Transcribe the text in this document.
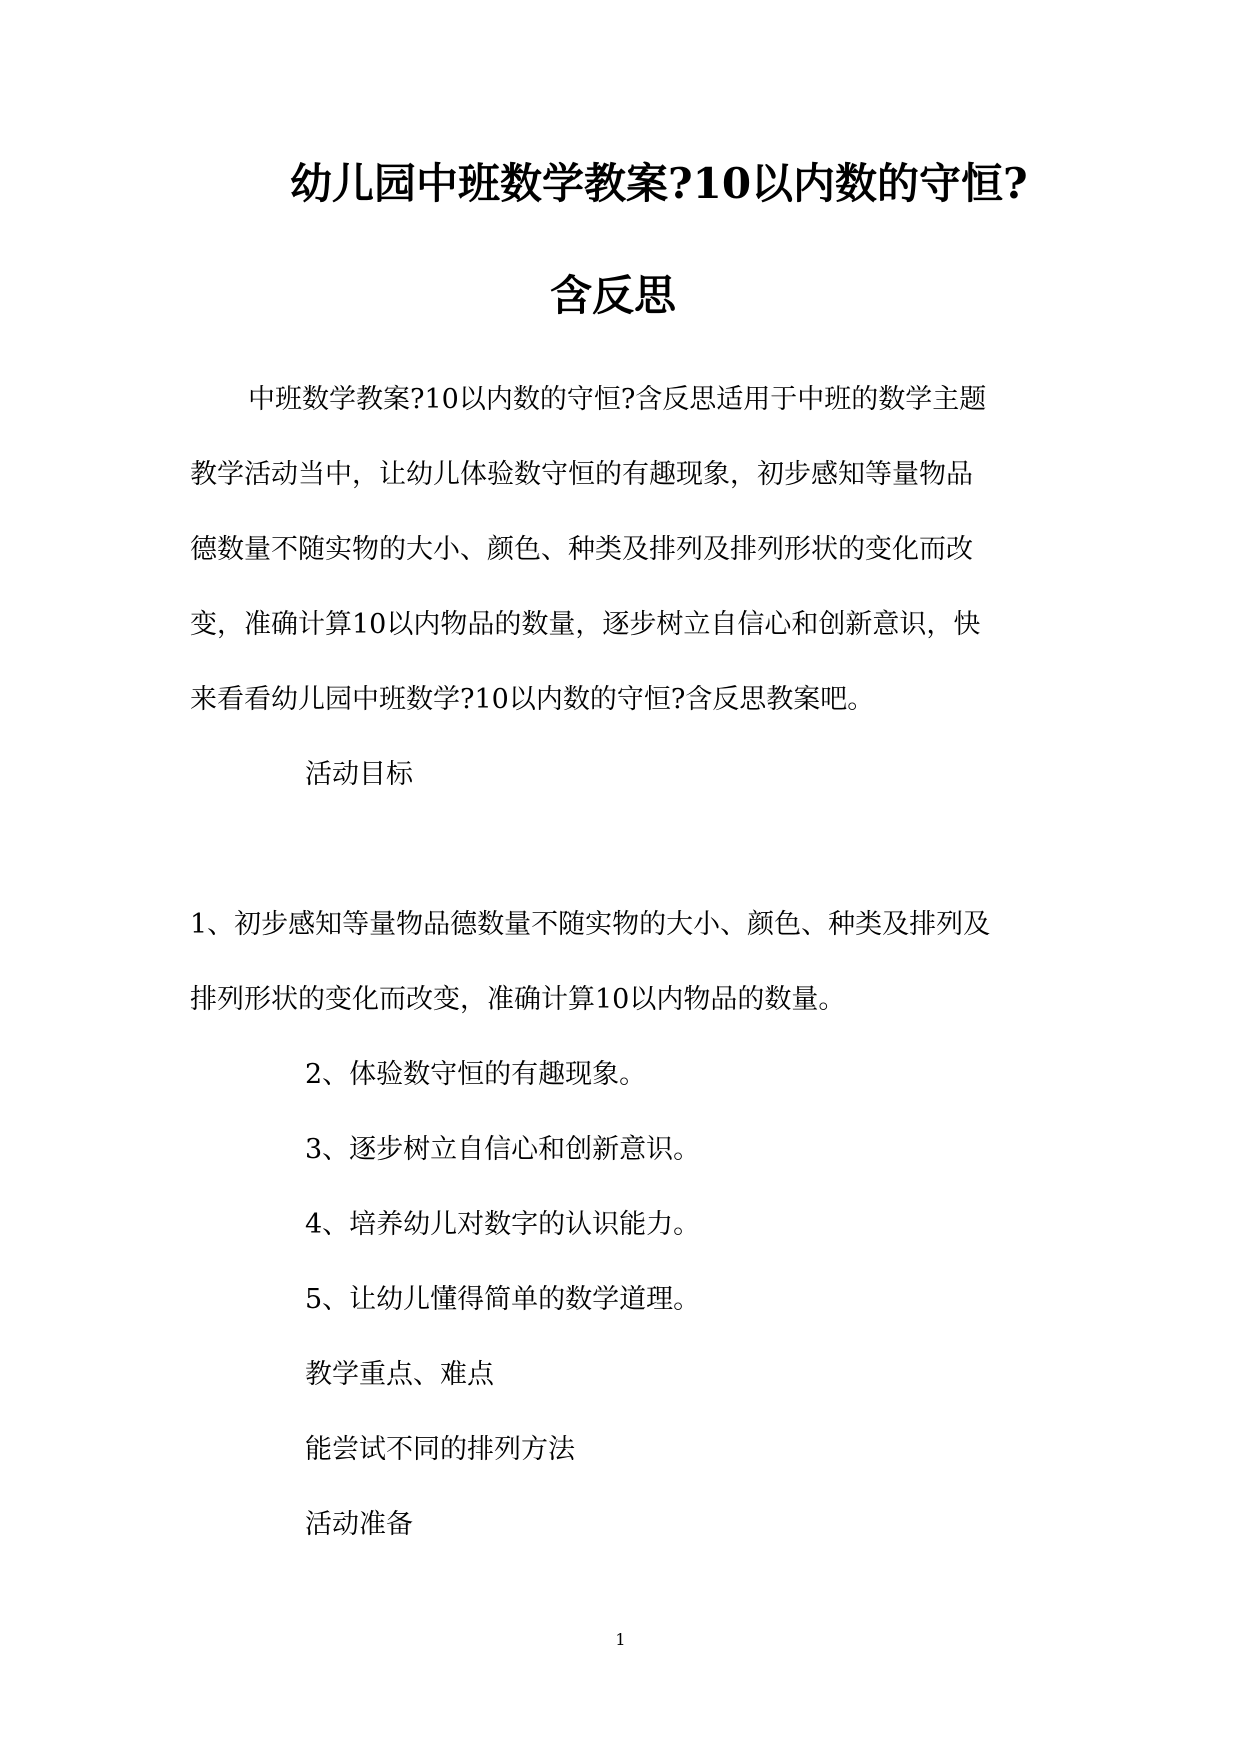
幼儿园中班数学教案?10以内数的守恒?
含反思
中班数学教案?10以内数的守恒?含反思适用于中班的数学主题
教学活动当中，让幼儿体验数守恒的有趣现象，初步感知等量物品
德数量不随实物的大小、颜色、种类及排列及排列形状的变化而改
变，准确计算10以内物品的数量，逐步树立自信心和创新意识，快
来看看幼儿园中班数学?10以内数的守恒?含反思教案吧。
活动目标
1、初步感知等量物品德数量不随实物的大小、颜色、种类及排列及
排列形状的变化而改变，准确计算10以内物品的数量。
2、体验数守恒的有趣现象。
3、逐步树立自信心和创新意识。
4、培养幼儿对数字的认识能力。
5、让幼儿懂得简单的数学道理。
教学重点、难点
能尝试不同的排列方法
活动准备
1
